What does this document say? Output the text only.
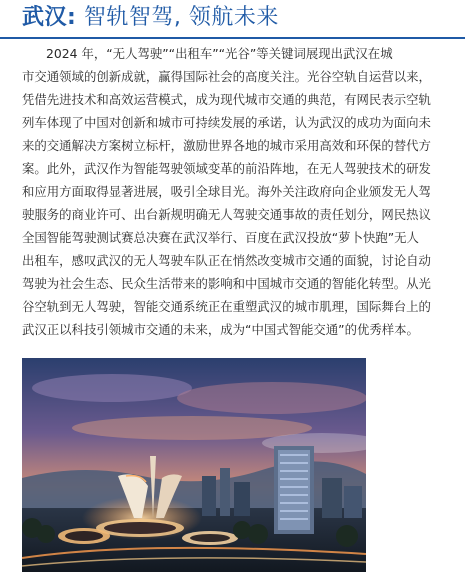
武汉: 智轨智驾, 领航未来
2024 年，“无人驾驶”“出租车”“光谷”等关键词展现出武汉在城
市交通领域的创新成就，赢得国际社会的高度关注。光谷空轨自运营以来，
凭借先进技术和高效运营模式，成为现代城市交通的典范，有网民表示空轨
列车体现了中国对创新和城市可持续发展的承诺，认为武汉的成功为面向未
来的交通解决方案树立标杆，激励世界各地的城市采用高效和环保的替代方
案。此外，武汉作为智能驾驶领域变革的前沿阵地，在无人驾驶技术的研发
和应用方面取得显著进展，吸引全球目光。海外关注政府向企业颁发无人驾
驶服务的商业许可、出台新规明确无人驾驶交通事故的责任划分，网民热议
全国智能驾驶测试赛总决赛在武汉举行、百度在武汉投放“萝卜快跑”无人
出租车，感叹武汉的无人驾驶车队正在悄然改变城市交通的面貌，讨论自动
驾驶为社会生态、民众生活带来的影响和中国城市交通的智能化转型。从光
谷空轨到无人驾驶，智能交通系统正在重塑武汉的城市肌理，国际舞台上的
武汉正以科技引领城市交通的未来，成为“中国式智能交通”的优秀样本。
